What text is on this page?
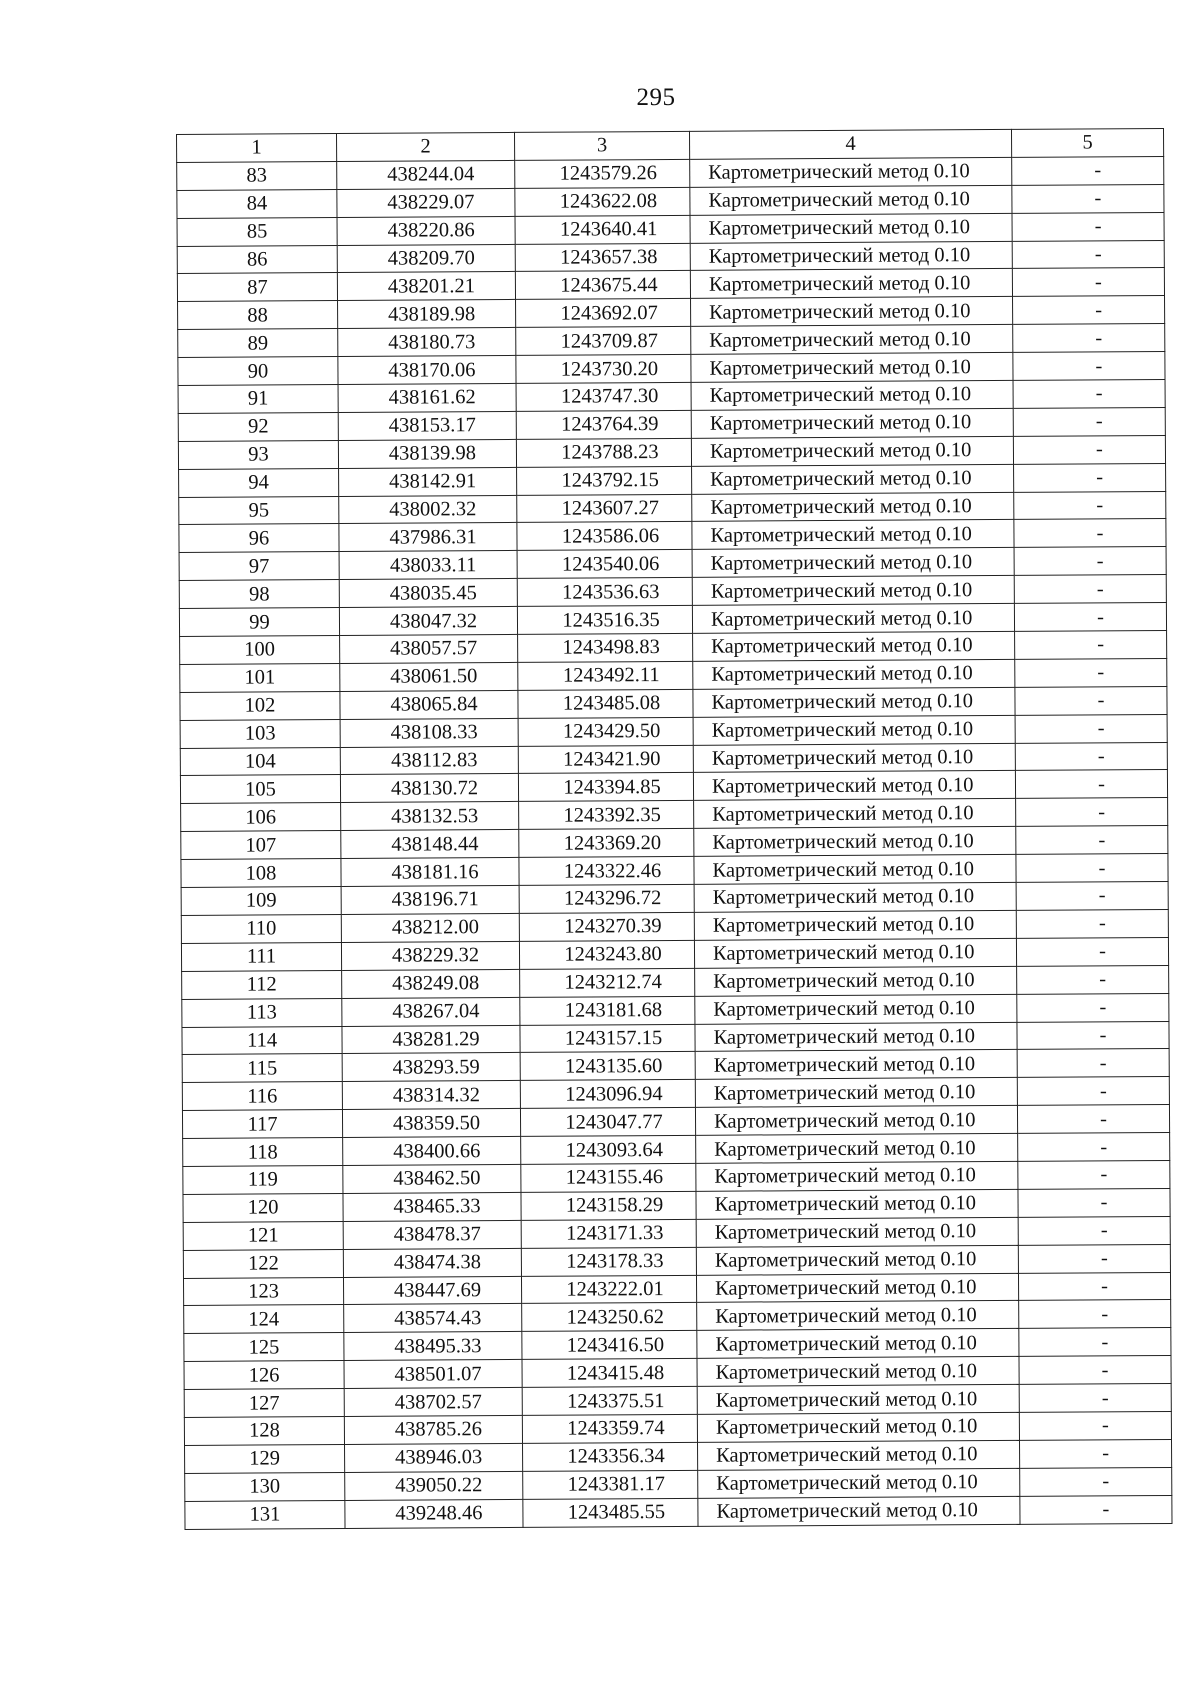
295
1	2	3	4	5
83	438244.04	1243579.26	Картометрический метод 0.10	-
84	438229.07	1243622.08	Картометрический метод 0.10	-
85	438220.86	1243640.41	Картометрический метод 0.10	-
86	438209.70	1243657.38	Картометрический метод 0.10	-
87	438201.21	1243675.44	Картометрический метод 0.10	-
88	438189.98	1243692.07	Картометрический метод 0.10	-
89	438180.73	1243709.87	Картометрический метод 0.10	-
90	438170.06	1243730.20	Картометрический метод 0.10	-
91	438161.62	1243747.30	Картометрический метод 0.10	-
92	438153.17	1243764.39	Картометрический метод 0.10	-
93	438139.98	1243788.23	Картометрический метод 0.10	-
94	438142.91	1243792.15	Картометрический метод 0.10	-
95	438002.32	1243607.27	Картометрический метод 0.10	-
96	437986.31	1243586.06	Картометрический метод 0.10	-
97	438033.11	1243540.06	Картометрический метод 0.10	-
98	438035.45	1243536.63	Картометрический метод 0.10	-
99	438047.32	1243516.35	Картометрический метод 0.10	-
100	438057.57	1243498.83	Картометрический метод 0.10	-
101	438061.50	1243492.11	Картометрический метод 0.10	-
102	438065.84	1243485.08	Картометрический метод 0.10	-
103	438108.33	1243429.50	Картометрический метод 0.10	-
104	438112.83	1243421.90	Картометрический метод 0.10	-
105	438130.72	1243394.85	Картометрический метод 0.10	-
106	438132.53	1243392.35	Картометрический метод 0.10	-
107	438148.44	1243369.20	Картометрический метод 0.10	-
108	438181.16	1243322.46	Картометрический метод 0.10	-
109	438196.71	1243296.72	Картометрический метод 0.10	-
110	438212.00	1243270.39	Картометрический метод 0.10	-
111	438229.32	1243243.80	Картометрический метод 0.10	-
112	438249.08	1243212.74	Картометрический метод 0.10	-
113	438267.04	1243181.68	Картометрический метод 0.10	-
114	438281.29	1243157.15	Картометрический метод 0.10	-
115	438293.59	1243135.60	Картометрический метод 0.10	-
116	438314.32	1243096.94	Картометрический метод 0.10	-
117	438359.50	1243047.77	Картометрический метод 0.10	-
118	438400.66	1243093.64	Картометрический метод 0.10	-
119	438462.50	1243155.46	Картометрический метод 0.10	-
120	438465.33	1243158.29	Картометрический метод 0.10	-
121	438478.37	1243171.33	Картометрический метод 0.10	-
122	438474.38	1243178.33	Картометрический метод 0.10	-
123	438447.69	1243222.01	Картометрический метод 0.10	-
124	438574.43	1243250.62	Картометрический метод 0.10	-
125	438495.33	1243416.50	Картометрический метод 0.10	-
126	438501.07	1243415.48	Картометрический метод 0.10	-
127	438702.57	1243375.51	Картометрический метод 0.10	-
128	438785.26	1243359.74	Картометрический метод 0.10	-
129	438946.03	1243356.34	Картометрический метод 0.10	-
130	439050.22	1243381.17	Картометрический метод 0.10	-
131	439248.46	1243485.55	Картометрический метод 0.10	-
